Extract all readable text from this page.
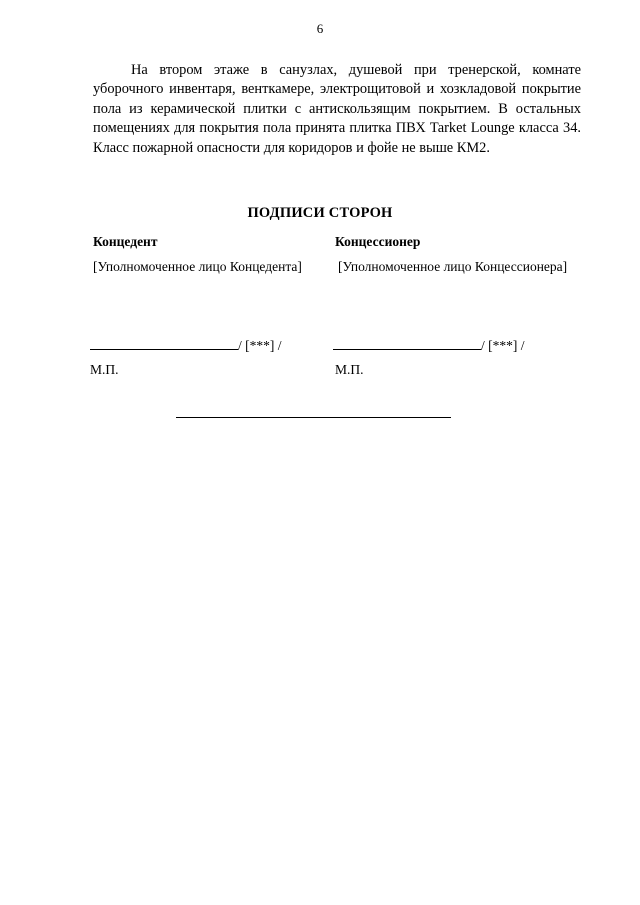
6

На втором этаже в санузлах, душевой при тренерской, комнате уборочного инвентаря, венткамере, электрощитовой и хозкладовой покрытие пола из керамической плитки с антискользящим покрытием. В остальных помещениях для покрытия пола принята плитка ПВХ Tarket Lounge класса 34. Класс пожарной опасности для коридоров и фойе не выше КМ2.

ПОДПИСИ СТОРОН
Концедент	Концессионер
[Уполномоченное лицо Концедента]	[Уполномоченное лицо Концессионера]
/ [***] /	/ [***] /
М.П.	М.П.
